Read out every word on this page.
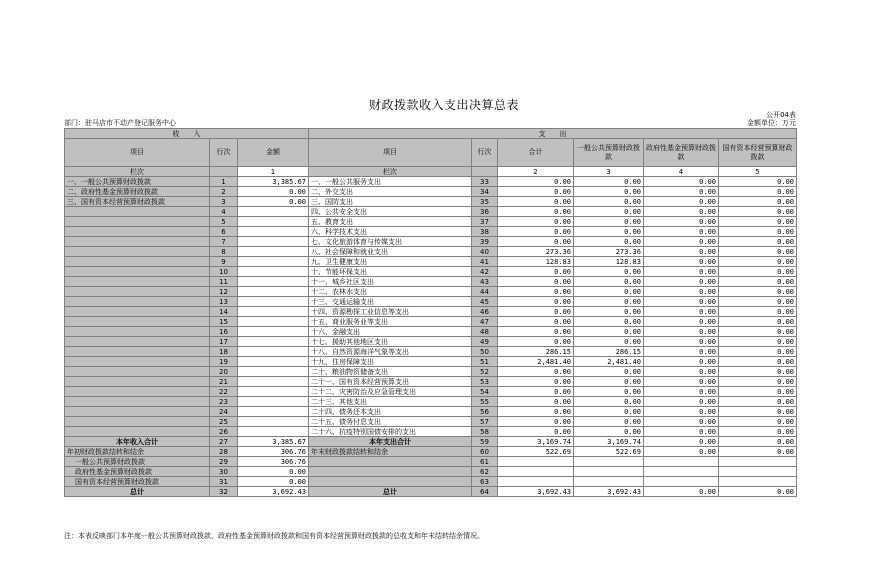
财政拨款收入支出决算总表
公开04表
金额单位：万元
部门：驻马店市不动产登记服务中心
收　　入			支　　出					
项目	行次	金额	项目	行次	合计	一般公共预算财政拨款	政府性基金预算财政拨款	国有资本经营预算财政拨款
栏次		1	栏次		2	3	4	5
一、一般公共预算财政拨款	1	3,385.67	一、一般公共服务支出	33	0.00	0.00	0.00	0.00
二、政府性基金预算财政拨款	2	0.00	二、外交支出	34	0.00	0.00	0.00	0.00
三、国有资本经营预算财政拨款	3	0.00	三、国防支出	35	0.00	0.00	0.00	0.00
	4		四、公共安全支出	36	0.00	0.00	0.00	0.00
	5		五、教育支出	37	0.00	0.00	0.00	0.00
	6		六、科学技术支出	38	0.00	0.00	0.00	0.00
	7		七、文化旅游体育与传媒支出	39	0.00	0.00	0.00	0.00
	8		八、社会保障和就业支出	40	273.36	273.36	0.00	0.00
	9		九、卫生健康支出	41	128.83	128.83	0.00	0.00
	10		十、节能环保支出	42	0.00	0.00	0.00	0.00
	11		十一、城乡社区支出	43	0.00	0.00	0.00	0.00
	12		十二、农林水支出	44	0.00	0.00	0.00	0.00
	13		十三、交通运输支出	45	0.00	0.00	0.00	0.00
	14		十四、资源勘探工业信息等支出	46	0.00	0.00	0.00	0.00
	15		十五、商业服务业等支出	47	0.00	0.00	0.00	0.00
	16		十六、金融支出	48	0.00	0.00	0.00	0.00
	17		十七、援助其他地区支出	49	0.00	0.00	0.00	0.00
	18		十八、自然资源海洋气象等支出	50	286.15	286.15	0.00	0.00
	19		十九、住房保障支出	51	2,481.40	2,481.40	0.00	0.00
	20		二十、粮油物资储备支出	52	0.00	0.00	0.00	0.00
	21		二十一、国有资本经营预算支出	53	0.00	0.00	0.00	0.00
	22		二十二、灾害防治及应急管理支出	54	0.00	0.00	0.00	0.00
	23		二十三、其他支出	55	0.00	0.00	0.00	0.00
	24		二十四、债务还本支出	56	0.00	0.00	0.00	0.00
	25		二十五、债务付息支出	57	0.00	0.00	0.00	0.00
	26		二十六、抗疫特别国债安排的支出	58	0.00	0.00	0.00	0.00
本年收入合计	27	3,385.67	本年支出合计	59	3,169.74	3,169.74	0.00	0.00
年初财政拨款结转和结余	28	306.76	年末财政拨款结转和结余	60	522.69	522.69	0.00	0.00
一般公共预算财政拨款	29	306.76		61				
政府性基金预算财政拨款	30	0.00		62				
国有资本经营预算财政拨款	31	0.00		63				
总计	32	3,692.43	总计	64	3,692.43	3,692.43	0.00	0.00
注：本表反映部门本年度一般公共预算财政拨款、政府性基金预算财政拨款和国有资本经营预算财政拨款的总收支和年末结转结余情况。
